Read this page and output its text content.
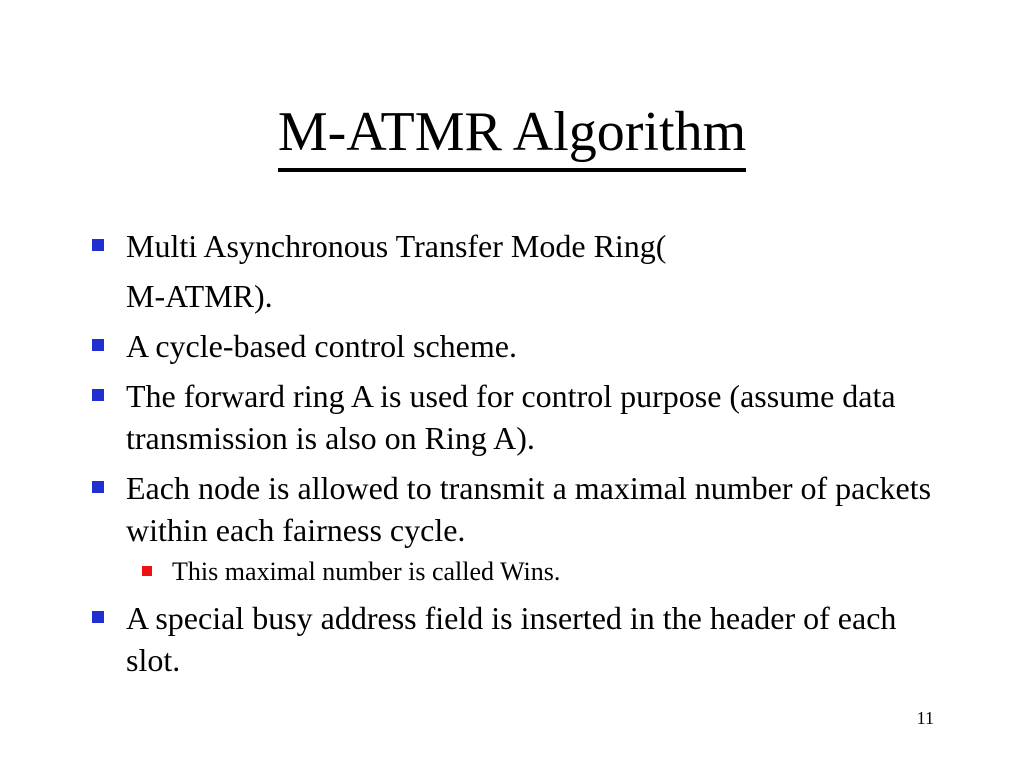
M-ATMR Algorithm
Multi Asynchronous Transfer Mode Ring(
M-ATMR).
A cycle-based control scheme.
The forward ring A is used for control purpose (assume data transmission is also on Ring A).
Each node is allowed to transmit a maximal number of packets within each fairness cycle.
This maximal number is called Wins.
A special busy address field is inserted in the header of each slot.
11
